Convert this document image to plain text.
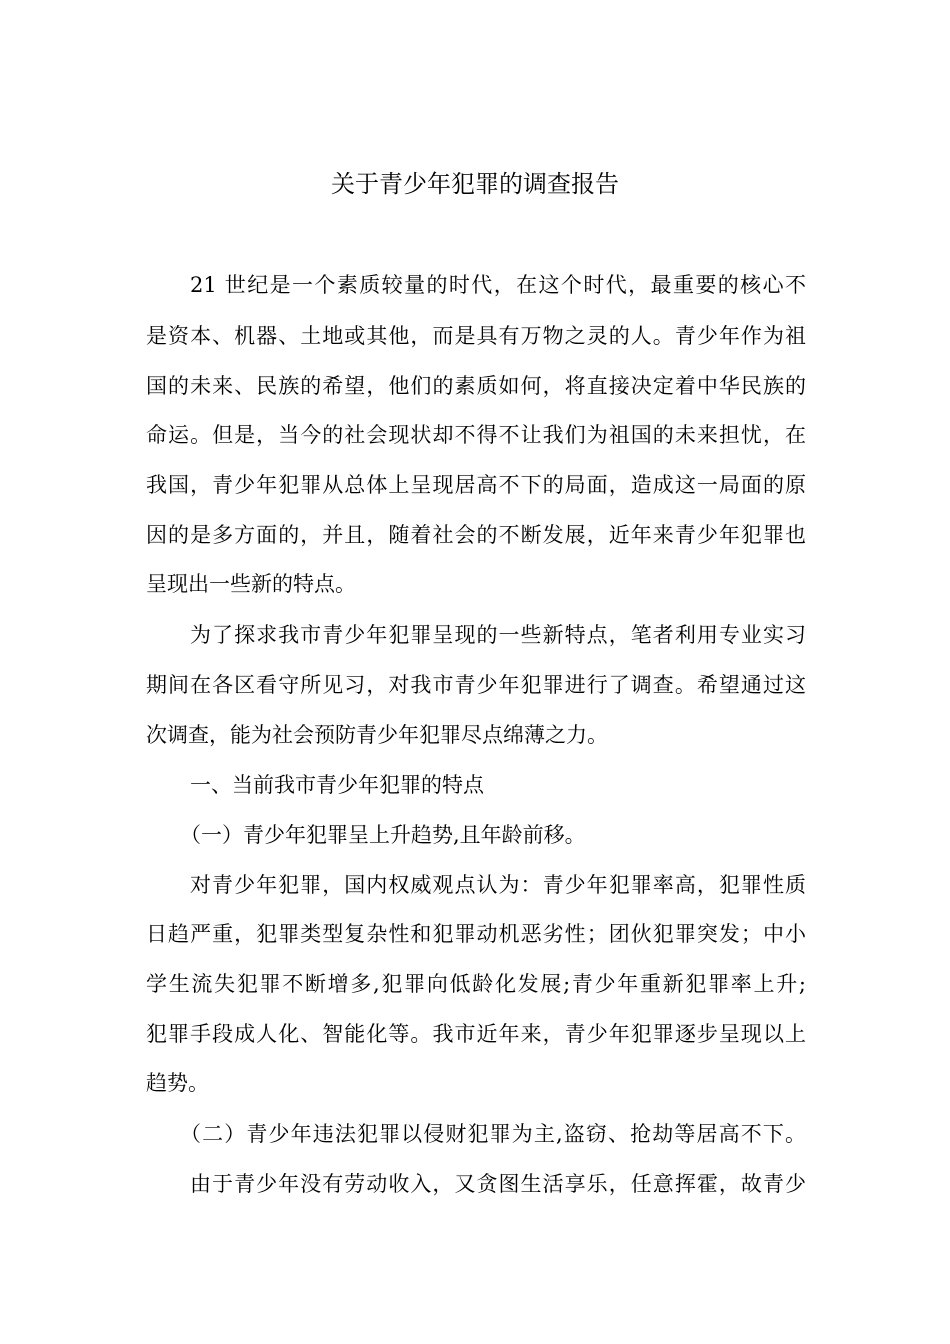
关于青少年犯罪的调查报告
21 世纪是一个素质较量的时代，在这个时代，最重要的核心不
是资本、机器、土地或其他，而是具有万物之灵的人。青少年作为祖
国的未来、民族的希望，他们的素质如何，将直接决定着中华民族的
命运。但是，当今的社会现状却不得不让我们为祖国的未来担忧，在
我国，青少年犯罪从总体上呈现居高不下的局面，造成这一局面的原
因的是多方面的，并且，随着社会的不断发展，近年来青少年犯罪也
呈现出一些新的特点。
为了探求我市青少年犯罪呈现的一些新特点，笔者利用专业实习
期间在各区看守所见习，对我市青少年犯罪进行了调查。希望通过这
次调查，能为社会预防青少年犯罪尽点绵薄之力。
一、当前我市青少年犯罪的特点
（一）青少年犯罪呈上升趋势,且年龄前移。
对青少年犯罪，国内权威观点认为：青少年犯罪率高，犯罪性质
日趋严重，犯罪类型复杂性和犯罪动机恶劣性；团伙犯罪突发；中小
学生流失犯罪不断增多,犯罪向低龄化发展;青少年重新犯罪率上升;
犯罪手段成人化、智能化等。我市近年来，青少年犯罪逐步呈现以上
趋势。
（二）青少年违法犯罪以侵财犯罪为主,盗窃、抢劫等居高不下。
由于青少年没有劳动收入，又贪图生活享乐，任意挥霍，故青少
